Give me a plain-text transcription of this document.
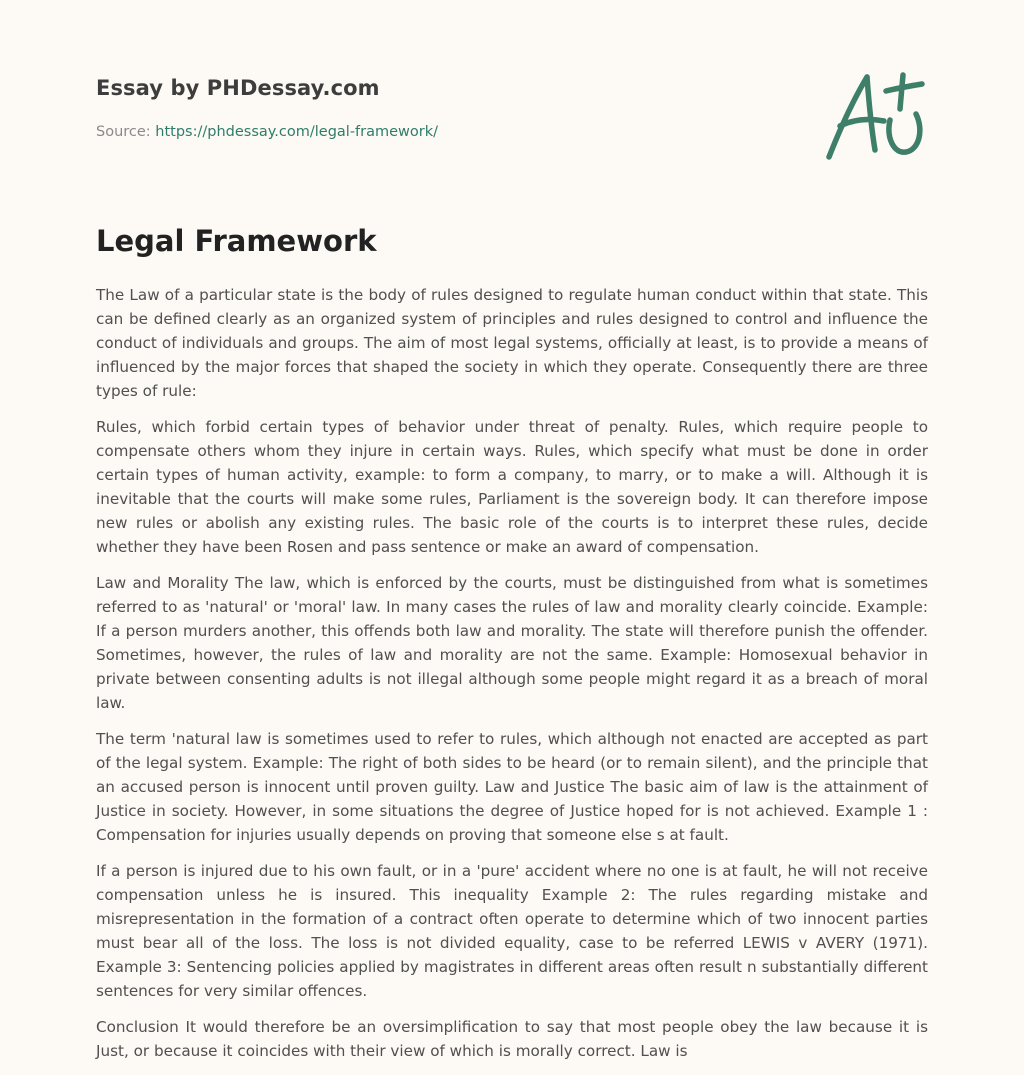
Essay by PHDessay.com
Source: https://phdessay.com/legal-framework/
Legal Framework

The Law of a particular state is the body of rules designed to regulate human conduct within that state. This can be defined clearly as an organized system of principles and rules designed to control and influence the conduct of individuals and groups. The aim of most legal systems, officially at least, is to provide a means of influenced by the major forces that shaped the society in which they operate. Consequently there are three types of rule:

Rules, which forbid certain types of behavior under threat of penalty. Rules, which require people to compensate others whom they injure in certain ways. Rules, which specify what must be done in order certain types of human activity, example: to form a company, to marry, or to make a will. Although it is inevitable that the courts will make some rules, Parliament is the sovereign body. It can therefore impose new rules or abolish any existing rules. The basic role of the courts is to interpret these rules, decide whether they have been Rosen and pass sentence or make an award of compensation.

Law and Morality The law, which is enforced by the courts, must be distinguished from what is sometimes referred to as 'natural' or 'moral' law. In many cases the rules of law and morality clearly coincide. Example: If a person murders another, this offends both law and morality. The state will therefore punish the offender. Sometimes, however, the rules of law and morality are not the same. Example: Homosexual behavior in private between consenting adults is not illegal although some people might regard it as a breach of moral law.

The term 'natural law is sometimes used to refer to rules, which although not enacted are accepted as part of the legal system. Example: The right of both sides to be heard (or to remain silent), and the principle that an accused person is innocent until proven guilty. Law and Justice The basic aim of law is the attainment of Justice in society. However, in some situations the degree of Justice hoped for is not achieved. Example 1 : Compensation for injuries usually depends on proving that someone else s at fault.

If a person is injured due to his own fault, or in a 'pure' accident where no one is at fault, he will not receive compensation unless he is insured. This inequality Example 2: The rules regarding mistake and misrepresentation in the formation of a contract often operate to determine which of two innocent parties must bear all of the loss. The loss is not divided equality, case to be referred LEWIS v AVERY (1971). Example 3: Sentencing policies applied by magistrates in different areas often result n substantially different sentences for very similar offences.

Conclusion It would therefore be an oversimplification to say that most people obey the law because it is Just, or because it coincides with their view of which is morally correct. Law is
